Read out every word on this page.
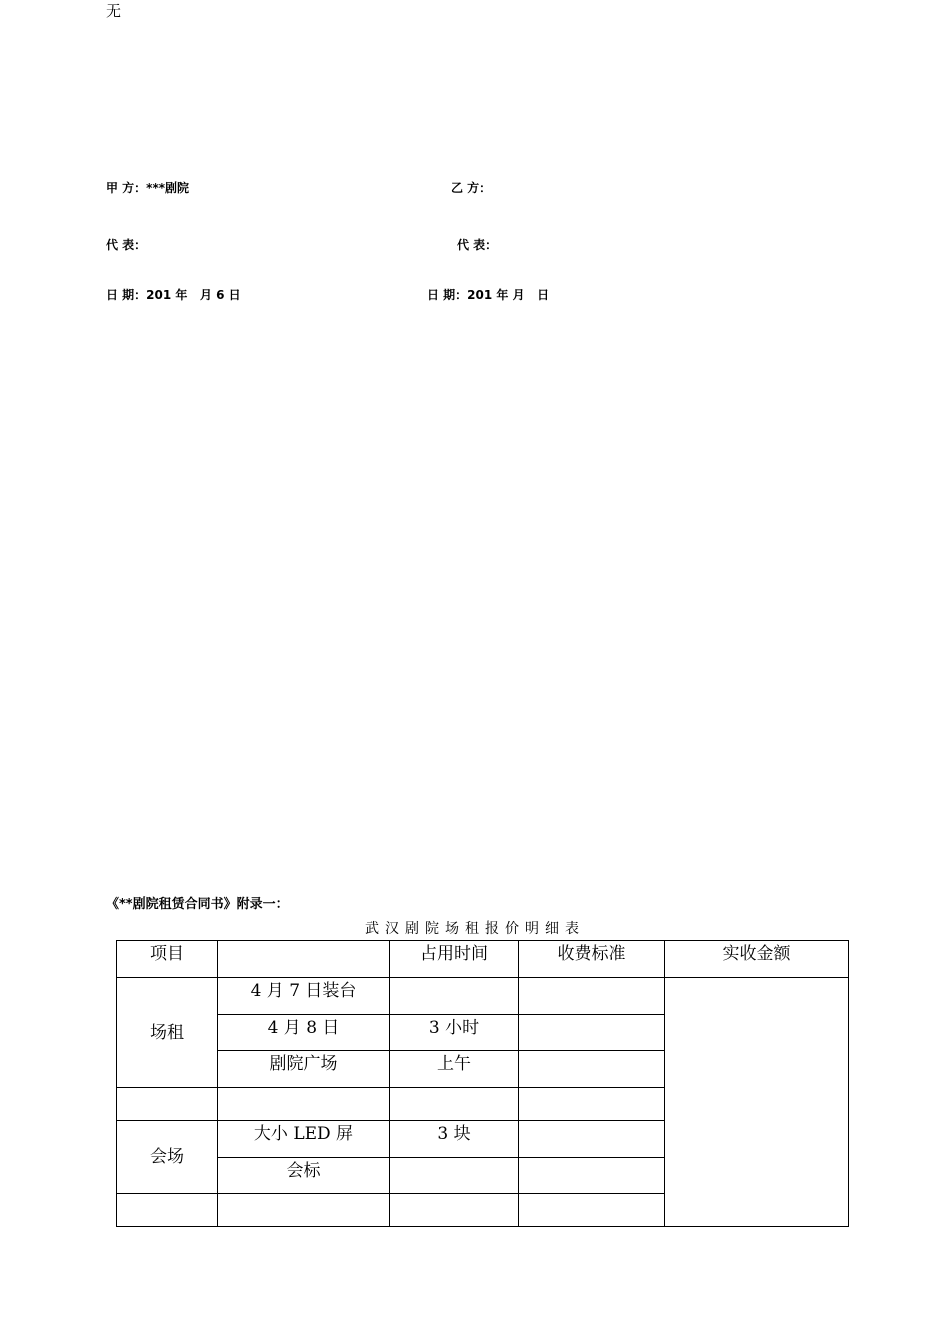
无
甲 方：***剧院	乙 方：
代 表：	代 表：
日 期：201 年   月 6 日	日 期：201 年 月   日
《**剧院租赁合同书》附录一：
武汉剧院场租报价明细表
项目		占用时间	收费标准	实收金额
场租	4 月 7 日装台			
	4 月 8 日	3 小时		
	剧院广场	上午		

会场	大小 LED 屏	3 块		
	会标			
